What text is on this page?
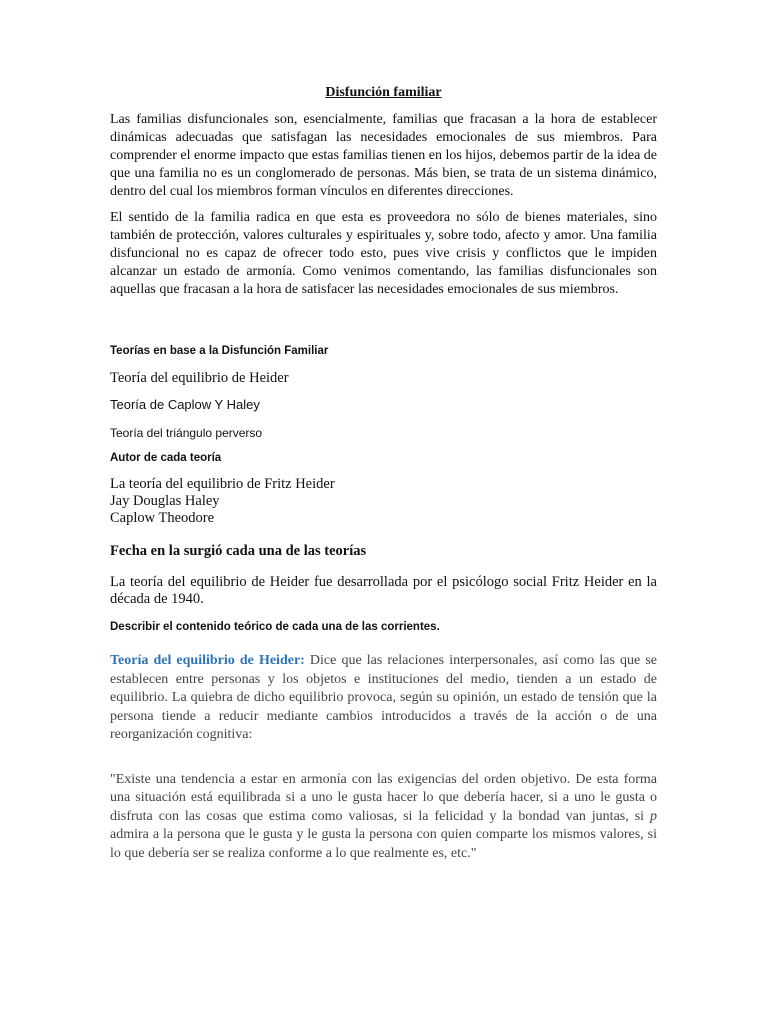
Disfunción familiar

Las familias disfuncionales son, esencialmente, familias que fracasan a la hora de establecer dinámicas adecuadas que satisfagan las necesidades emocionales de sus miembros. Para comprender el enorme impacto que estas familias tienen en los hijos, debemos partir de la idea de que una familia no es un conglomerado de personas. Más bien, se trata de un sistema dinámico, dentro del cual los miembros forman vínculos en diferentes direcciones.

El sentido de la familia radica en que esta es proveedora no sólo de bienes materiales, sino también de protección, valores culturales y espirituales y, sobre todo, afecto y amor. Una familia disfuncional no es capaz de ofrecer todo esto, pues vive crisis y conflictos que le impiden alcanzar un estado de armonía. Como venimos comentando, las familias disfuncionales son aquellas que fracasan a la hora de satisfacer las necesidades emocionales de sus miembros.

Teorías en base a la Disfunción Familiar
Teoría del equilibrio de Heider
Teoría de Caplow Y Haley
Teoría del triángulo perverso
Autor de cada teoría
La teoría del equilibrio de Fritz Heider
Jay Douglas Haley
Caplow Theodore
Fecha en la surgió cada una de las teorías

La teoría del equilibrio de Heider fue desarrollada por el psicólogo social Fritz Heider en la década de 1940.

Describir el contenido teórico de cada una de las corrientes.

Teoría del equilibrio de Heider: Dice que las relaciones interpersonales, así como las que se establecen entre personas y los objetos e instituciones del medio, tienden a un estado de equilibrio. La quiebra de dicho equilibrio provoca, según su opinión, un estado de tensión que la persona tiende a reducir mediante cambios introducidos a través de la acción o de una reorganización cognitiva:

"Existe una tendencia a estar en armonía con las exigencias del orden objetivo. De esta forma una situación está equilibrada si a uno le gusta hacer lo que debería hacer, si a uno le gusta o disfruta con las cosas que estima como valiosas, si la felicidad y la bondad van juntas, si p admira a la persona que le gusta y le gusta la persona con quien comparte los mismos valores, si lo que debería ser se realiza conforme a lo que realmente es, etc."
